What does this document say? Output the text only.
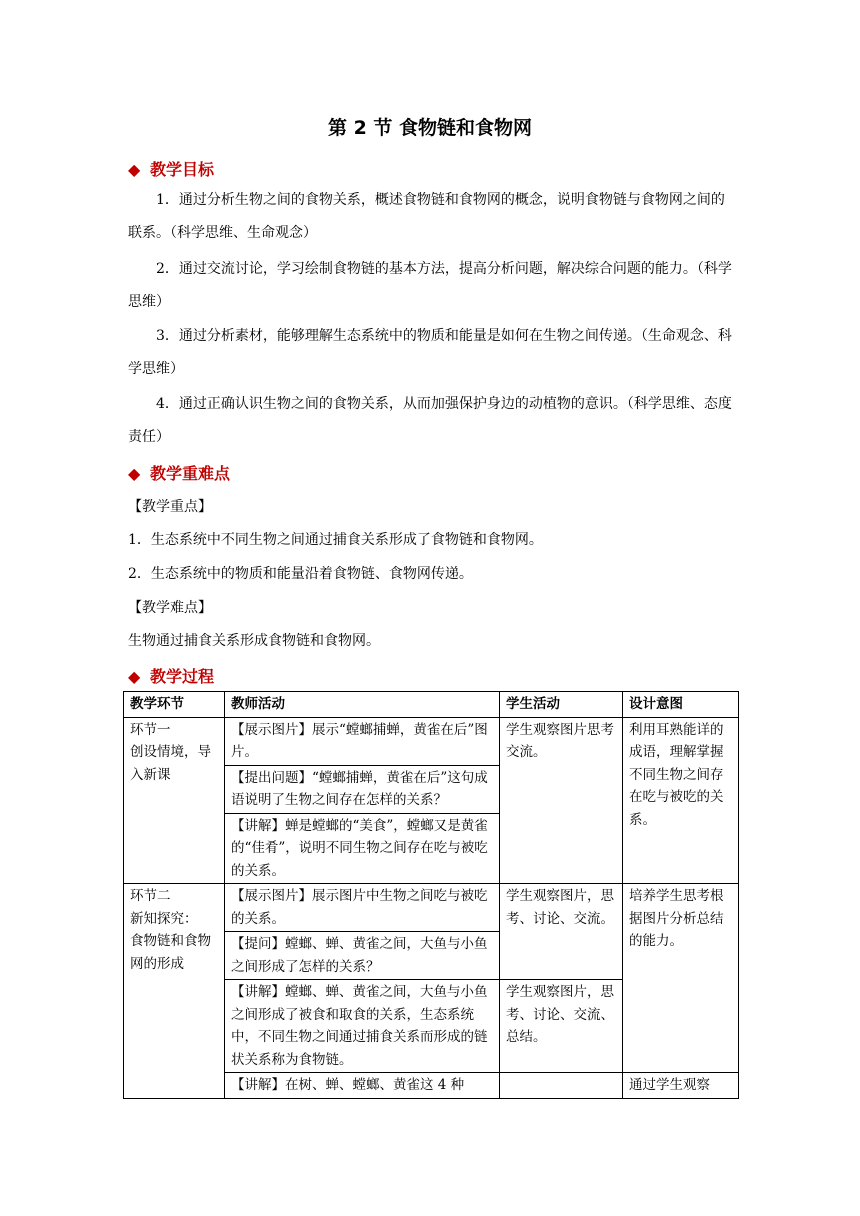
第 2 节 食物链和食物网
◆ 教学目标
1．通过分析生物之间的食物关系，概述食物链和食物网的概念，说明食物链与食物网之间的联系。（科学思维、生命观念）
2．通过交流讨论，学习绘制食物链的基本方法，提高分析问题，解决综合问题的能力。（科学思维）
3．通过分析素材，能够理解生态系统中的物质和能量是如何在生物之间传递。（生命观念、科学思维）
4．通过正确认识生物之间的食物关系，从而加强保护身边的动植物的意识。（科学思维、态度责任）
◆ 教学重难点
【教学重点】
1．生态系统中不同生物之间通过捕食关系形成了食物链和食物网。
2．生态系统中的物质和能量沿着食物链、食物网传递。
【教学难点】
生物通过捕食关系形成食物链和食物网。
◆ 教学过程
教学环节	教师活动	学生活动	设计意图
环节一
创设情境，导入新课	【展示图片】展示“螳螂捕蝉，黄雀在后”图片。	学生观察图片思考交流。	利用耳熟能详的成语，理解掌握不同生物之间存在吃与被吃的关系。
	【提出问题】“螳螂捕蝉，黄雀在后”这句成语说明了生物之间存在怎样的关系？		
	【讲解】蝉是螳螂的“美食”，螳螂又是黄雀的“佳肴”，说明不同生物之间存在吃与被吃的关系。		
环节二
新知探究：
食物链和食物网的形成	【展示图片】展示图片中生物之间吃与被吃的关系。	学生观察图片，思考、讨论、交流。	培养学生思考根据图片分析总结的能力。
	【提问】螳螂、蝉、黄雀之间，大鱼与小鱼之间形成了怎样的关系？		
	【讲解】螳螂、蝉、黄雀之间，大鱼与小鱼之间形成了被食和取食的关系，生态系统中，不同生物之间通过捕食关系而形成的链状关系称为食物链。	学生观察图片，思考、讨论、交流、总结。	
	【讲解】在树、蝉、螳螂、黄雀这 4 种		通过学生观察
